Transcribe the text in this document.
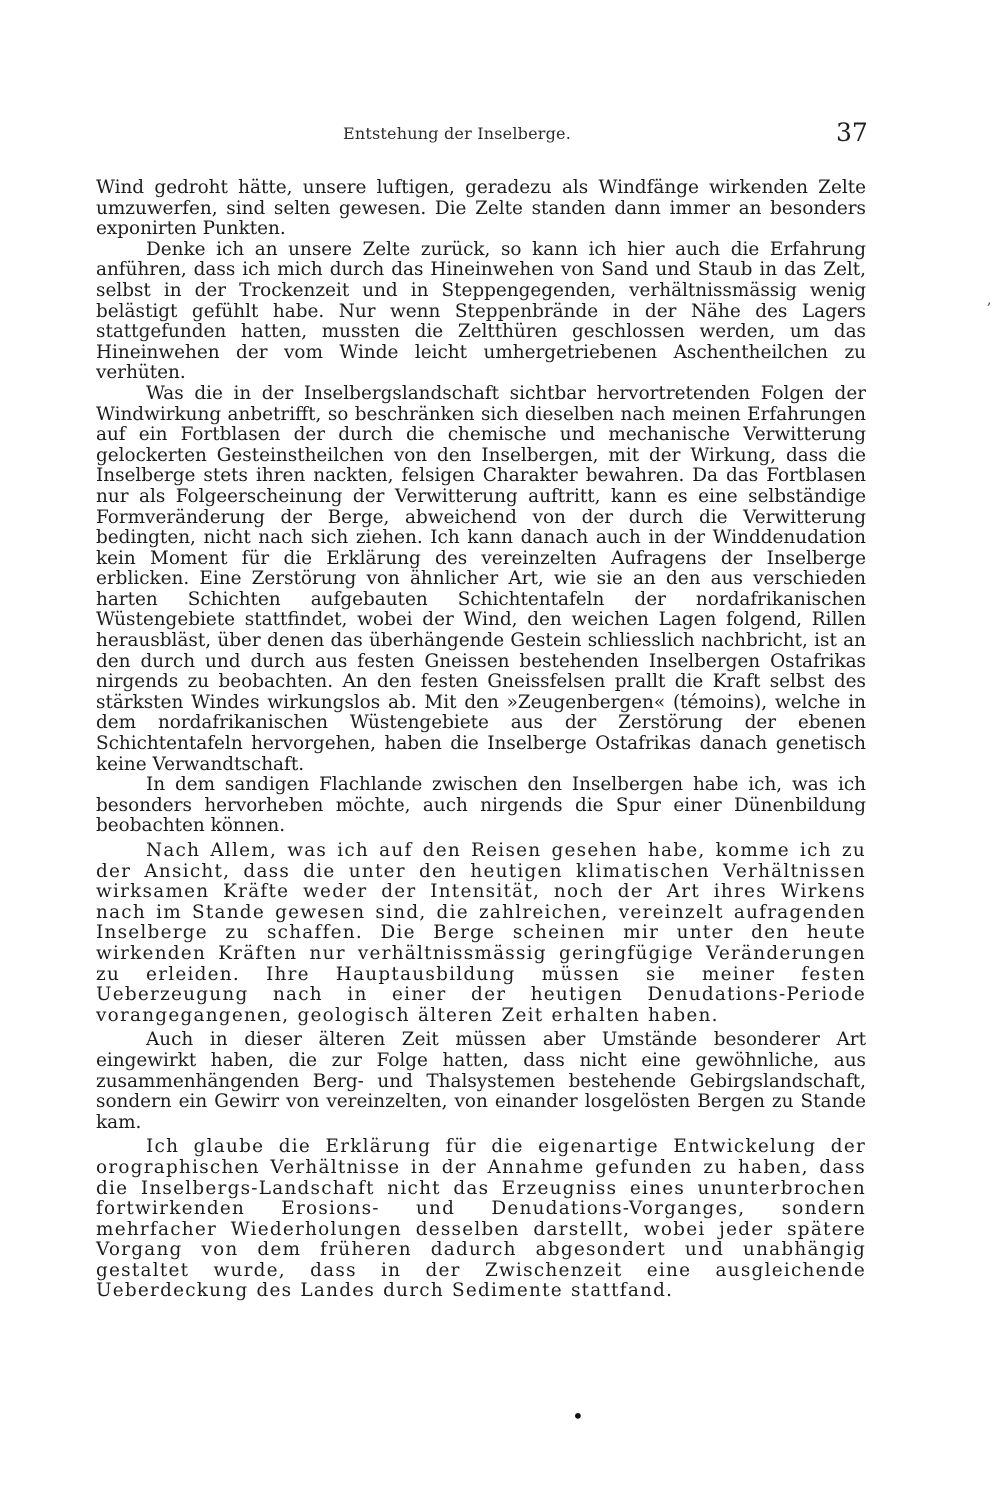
Entstehung der Inselberge.	37

Wind gedroht hätte, unsere luftigen, geradezu als Windfänge wirkenden Zelte umzuwerfen, sind selten gewesen. Die Zelte standen dann immer an besonders exponirten Punkten.

Denke ich an unsere Zelte zurück, so kann ich hier auch die Erfahrung anführen, dass ich mich durch das Hineinwehen von Sand und Staub in das Zelt, selbst in der Trockenzeit und in Steppengegenden, verhältnissmässig wenig belästigt gefühlt habe. Nur wenn Steppenbrände in der Nähe des Lagers stattgefunden hatten, mussten die Zeltthüren geschlossen werden, um das Hineinwehen der vom Winde leicht umhergetriebenen Aschentheilchen zu verhüten.

Was die in der Inselbergslandschaft sichtbar hervortretenden Folgen der Windwirkung anbetrifft, so beschränken sich dieselben nach meinen Erfahrungen auf ein Fortblasen der durch die chemische und mechanische Verwitterung gelockerten Gesteinstheilchen von den Inselbergen, mit der Wirkung, dass die Inselberge stets ihren nackten, felsigen Charakter bewahren. Da das Fortblasen nur als Folgeerscheinung der Verwitterung auftritt, kann es eine selbständige Formveränderung der Berge, abweichend von der durch die Verwitterung bedingten, nicht nach sich ziehen. Ich kann danach auch in der Winddenudation kein Moment für die Erklärung des vereinzelten Aufragens der Inselberge erblicken. Eine Zerstörung von ähnlicher Art, wie sie an den aus verschieden harten Schichten aufgebauten Schichtentafeln der nordafrikanischen Wüstengebiete stattfindet, wobei der Wind, den weichen Lagen folgend, Rillen herausbläst, über denen das überhängende Gestein schliesslich nachbricht, ist an den durch und durch aus festen Gneissen bestehenden Inselbergen Ostafrikas nirgends zu beobachten. An den festen Gneissfelsen prallt die Kraft selbst des stärksten Windes wirkungslos ab. Mit den »Zeugenbergen« (témoins), welche in dem nordafrikanischen Wüstengebiete aus der Zerstörung der ebenen Schichtentafeln hervorgehen, haben die Inselberge Ostafrikas danach genetisch keine Verwandtschaft.

In dem sandigen Flachlande zwischen den Inselbergen habe ich, was ich besonders hervorheben möchte, auch nirgends die Spur einer Dünenbildung beobachten können.

Nach Allem, was ich auf den Reisen gesehen habe, komme ich zu der Ansicht, dass die unter den heutigen klimatischen Verhältnissen wirksamen Kräfte weder der Intensität, noch der Art ihres Wirkens nach im Stande gewesen sind, die zahlreichen, vereinzelt aufragenden Inselberge zu schaffen. Die Berge scheinen mir unter den heute wirkenden Kräften nur verhältnissmässig geringfügige Veränderungen zu erleiden. Ihre Hauptausbildung müssen sie meiner festen Ueberzeugung nach in einer der heutigen Denudations-Periode vorangegangenen, geologisch älteren Zeit erhalten haben.

Auch in dieser älteren Zeit müssen aber Umstände besonderer Art eingewirkt haben, die zur Folge hatten, dass nicht eine gewöhnliche, aus zusammenhängenden Berg- und Thalsystemen bestehende Gebirgslandschaft, sondern ein Gewirr von vereinzelten, von einander losgelösten Bergen zu Stande kam.

Ich glaube die Erklärung für die eigenartige Entwickelung der orographischen Verhältnisse in der Annahme gefunden zu haben, dass die Inselbergs-Landschaft nicht das Erzeugniss eines ununterbrochen fortwirkenden Erosions- und Denudations-Vorganges, sondern mehrfacher Wiederholungen desselben darstellt, wobei jeder spätere Vorgang von dem früheren dadurch abgesondert und unabhängig gestaltet wurde, dass in der Zwischenzeit eine ausgleichende Ueberdeckung des Landes durch Sedimente stattfand.

•
,
